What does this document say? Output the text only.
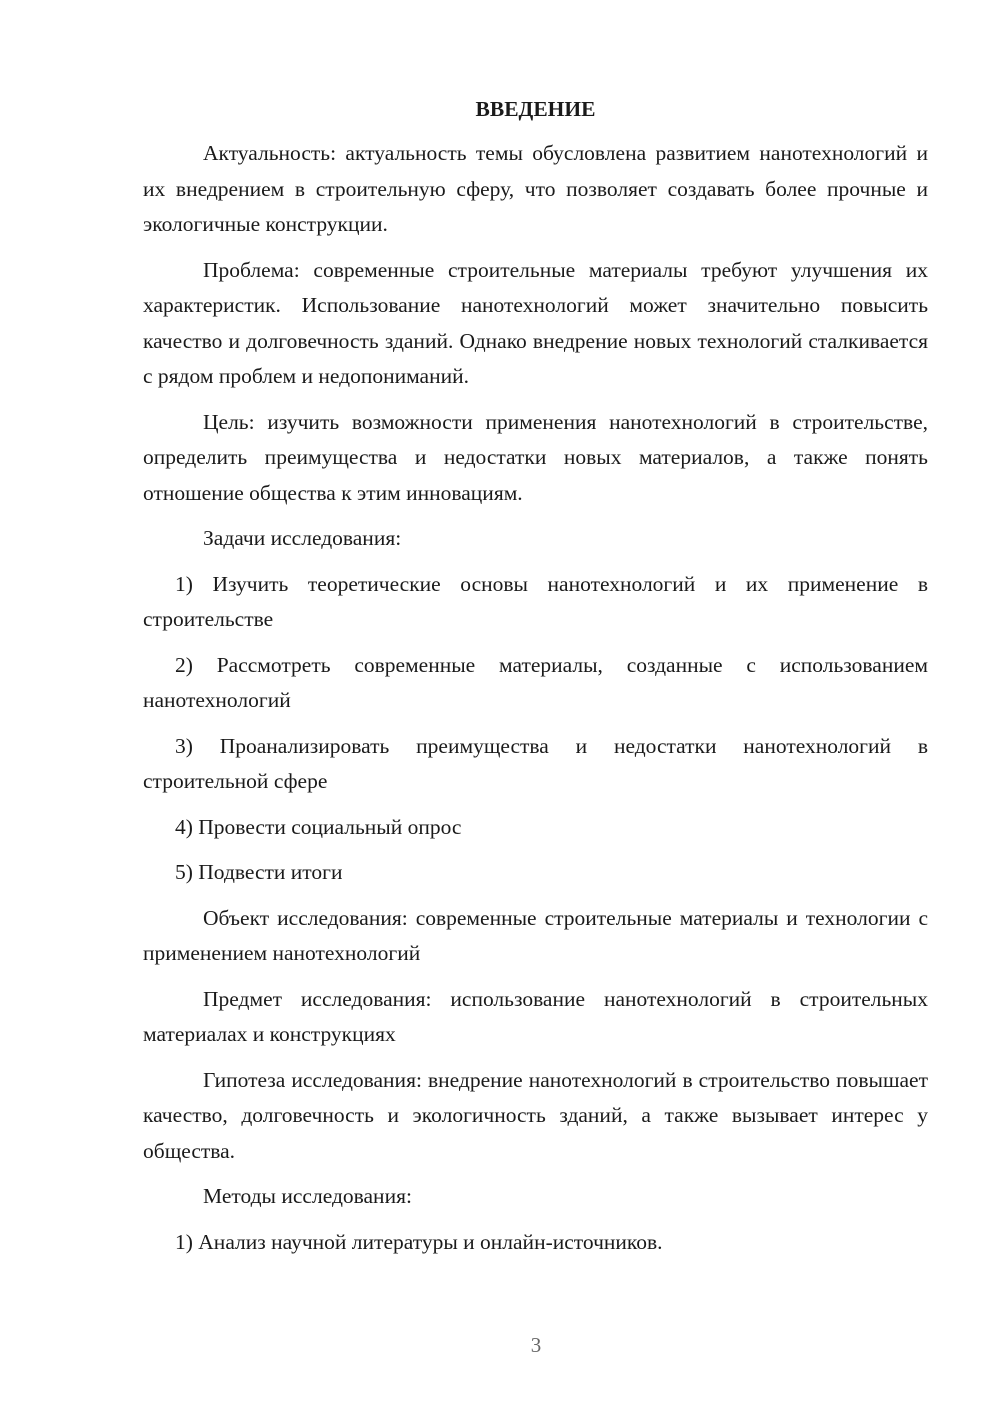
ВВЕДЕНИЕ

Актуальность: актуальность темы обусловлена развитием нанотехнологий и их внедрением в строительную сферу, что позволяет создавать более прочные и экологичные конструкции.

Проблема: современные строительные материалы требуют улучшения их характеристик. Использование нанотехнологий может значительно повысить качество и долговечность зданий. Однако внедрение новых технологий сталкивается с рядом проблем и недопониманий.

Цель: изучить возможности применения нанотехнологий в строительстве, определить преимущества и недостатки новых материалов, а также понять отношение общества к этим инновациям.

Задачи исследования:

1) Изучить теоретические основы нанотехнологий и их применение в строительстве

2) Рассмотреть современные материалы, созданные с использованием нанотехнологий

3) Проанализировать преимущества и недостатки нанотехнологий в строительной сфере

4) Провести социальный опрос

5) Подвести итоги

Объект исследования: современные строительные материалы и технологии с применением нанотехнологий

Предмет исследования: использование нанотехнологий в строительных материалах и конструкциях

Гипотеза исследования: внедрение нанотехнологий в строительство повышает качество, долговечность и экологичность зданий, а также вызывает интерес у общества.

Методы исследования:

1) Анализ научной литературы и онлайн-источников.

3
